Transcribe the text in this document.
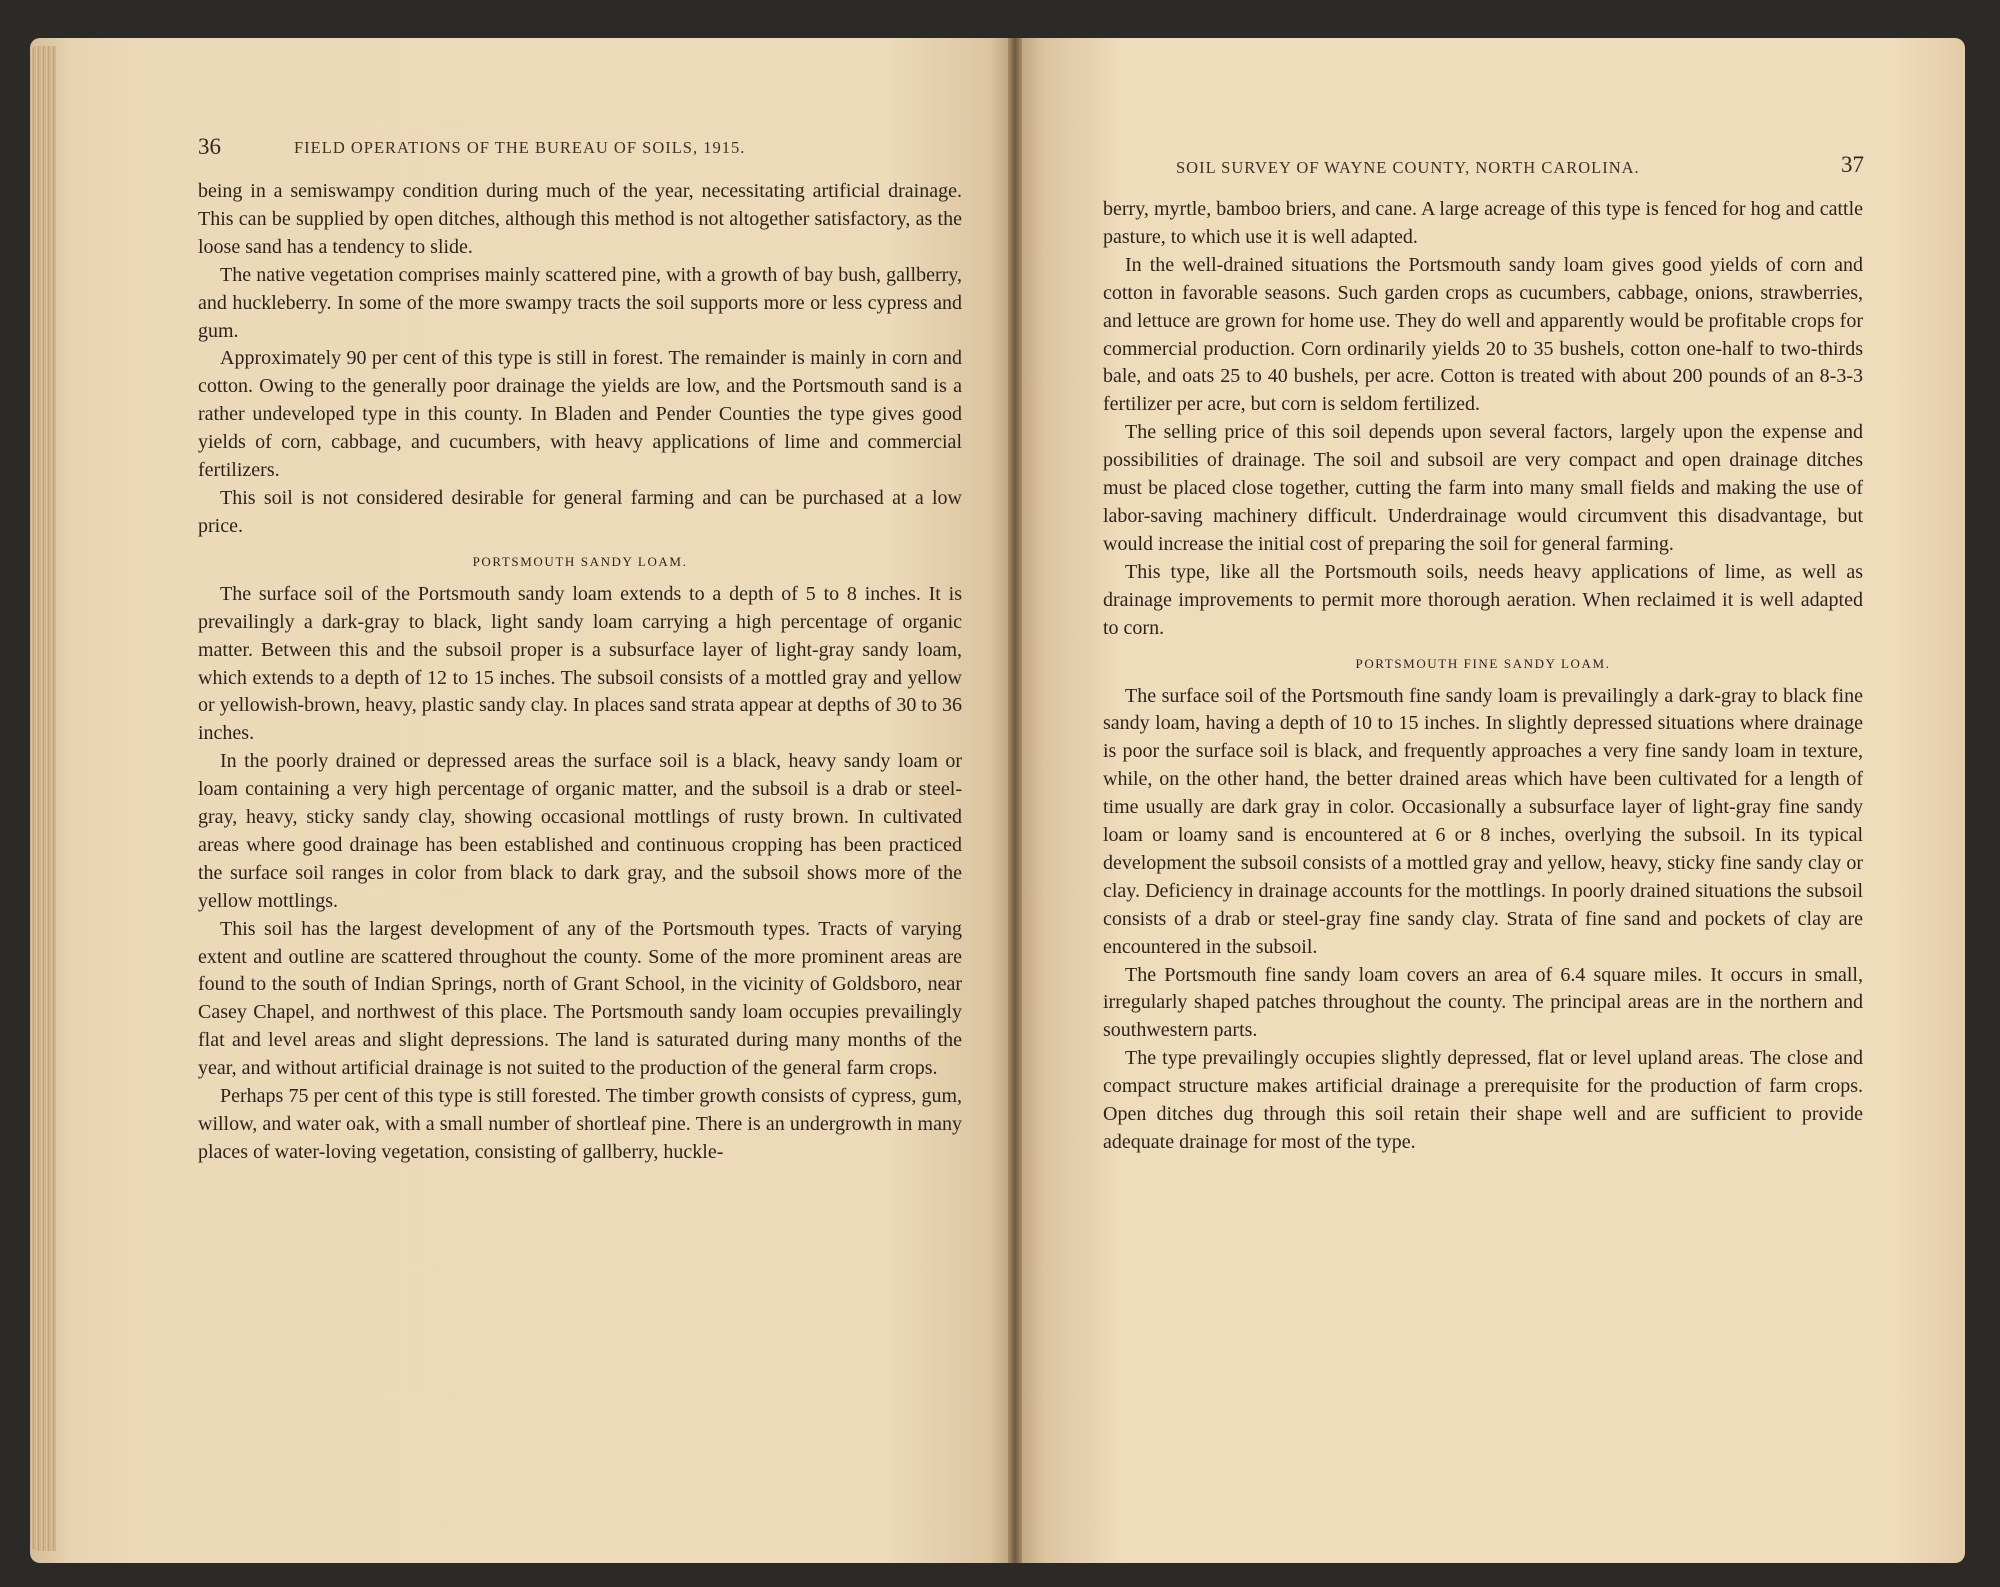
36	FIELD OPERATIONS OF THE BUREAU OF SOILS, 1915.

being in a semiswampy condition during much of the year, necessitating artificial drainage. This can be supplied by open ditches, although this method is not altogether satisfactory, as the loose sand has a tendency to slide.

The native vegetation comprises mainly scattered pine, with a growth of bay bush, gallberry, and huckleberry. In some of the more swampy tracts the soil supports more or less cypress and gum.

Approximately 90 per cent of this type is still in forest. The remainder is mainly in corn and cotton. Owing to the generally poor drainage the yields are low, and the Portsmouth sand is a rather undeveloped type in this county. In Bladen and Pender Counties the type gives good yields of corn, cabbage, and cucumbers, with heavy applications of lime and commercial fertilizers.

This soil is not considered desirable for general farming and can be purchased at a low price.

PORTSMOUTH SANDY LOAM.

The surface soil of the Portsmouth sandy loam extends to a depth of 5 to 8 inches. It is prevailingly a dark-gray to black, light sandy loam carrying a high percentage of organic matter. Between this and the subsoil proper is a subsurface layer of light-gray sandy loam, which extends to a depth of 12 to 15 inches. The subsoil consists of a mottled gray and yellow or yellowish-brown, heavy, plastic sandy clay. In places sand strata appear at depths of 30 to 36 inches.

In the poorly drained or depressed areas the surface soil is a black, heavy sandy loam or loam containing a very high percentage of organic matter, and the subsoil is a drab or steel-gray, heavy, sticky sandy clay, showing occasional mottlings of rusty brown. In cultivated areas where good drainage has been established and continuous cropping has been practiced the surface soil ranges in color from black to dark gray, and the subsoil shows more of the yellow mottlings.

This soil has the largest development of any of the Portsmouth types. Tracts of varying extent and outline are scattered throughout the county. Some of the more prominent areas are found to the south of Indian Springs, north of Grant School, in the vicinity of Goldsboro, near Casey Chapel, and northwest of this place. The Portsmouth sandy loam occupies prevailingly flat and level areas and slight depressions. The land is saturated during many months of the year, and without artificial drainage is not suited to the production of the general farm crops.

Perhaps 75 per cent of this type is still forested. The timber growth consists of cypress, gum, willow, and water oak, with a small number of shortleaf pine. There is an undergrowth in many places of water-loving vegetation, consisting of gallberry, huckle-

SOIL SURVEY OF WAYNE COUNTY, NORTH CAROLINA.	37

berry, myrtle, bamboo briers, and cane. A large acreage of this type is fenced for hog and cattle pasture, to which use it is well adapted.

In the well-drained situations the Portsmouth sandy loam gives good yields of corn and cotton in favorable seasons. Such garden crops as cucumbers, cabbage, onions, strawberries, and lettuce are grown for home use. They do well and apparently would be profitable crops for commercial production. Corn ordinarily yields 20 to 35 bushels, cotton one-half to two-thirds bale, and oats 25 to 40 bushels, per acre. Cotton is treated with about 200 pounds of an 8-3-3 fertilizer per acre, but corn is seldom fertilized.

The selling price of this soil depends upon several factors, largely upon the expense and possibilities of drainage. The soil and subsoil are very compact and open drainage ditches must be placed close together, cutting the farm into many small fields and making the use of labor-saving machinery difficult. Underdrainage would circumvent this disadvantage, but would increase the initial cost of preparing the soil for general farming.

This type, like all the Portsmouth soils, needs heavy applications of lime, as well as drainage improvements to permit more thorough aeration. When reclaimed it is well adapted to corn.

PORTSMOUTH FINE SANDY LOAM.

The surface soil of the Portsmouth fine sandy loam is prevailingly a dark-gray to black fine sandy loam, having a depth of 10 to 15 inches. In slightly depressed situations where drainage is poor the surface soil is black, and frequently approaches a very fine sandy loam in texture, while, on the other hand, the better drained areas which have been cultivated for a length of time usually are dark gray in color. Occasionally a subsurface layer of light-gray fine sandy loam or loamy sand is encountered at 6 or 8 inches, overlying the subsoil. In its typical development the subsoil consists of a mottled gray and yellow, heavy, sticky fine sandy clay or clay. Deficiency in drainage accounts for the mottlings. In poorly drained situations the subsoil consists of a drab or steel-gray fine sandy clay. Strata of fine sand and pockets of clay are encountered in the subsoil.

The Portsmouth fine sandy loam covers an area of 6.4 square miles. It occurs in small, irregularly shaped patches throughout the county. The principal areas are in the northern and southwestern parts.

The type prevailingly occupies slightly depressed, flat or level upland areas. The close and compact structure makes artificial drainage a prerequisite for the production of farm crops. Open ditches dug through this soil retain their shape well and are sufficient to provide adequate drainage for most of the type.
